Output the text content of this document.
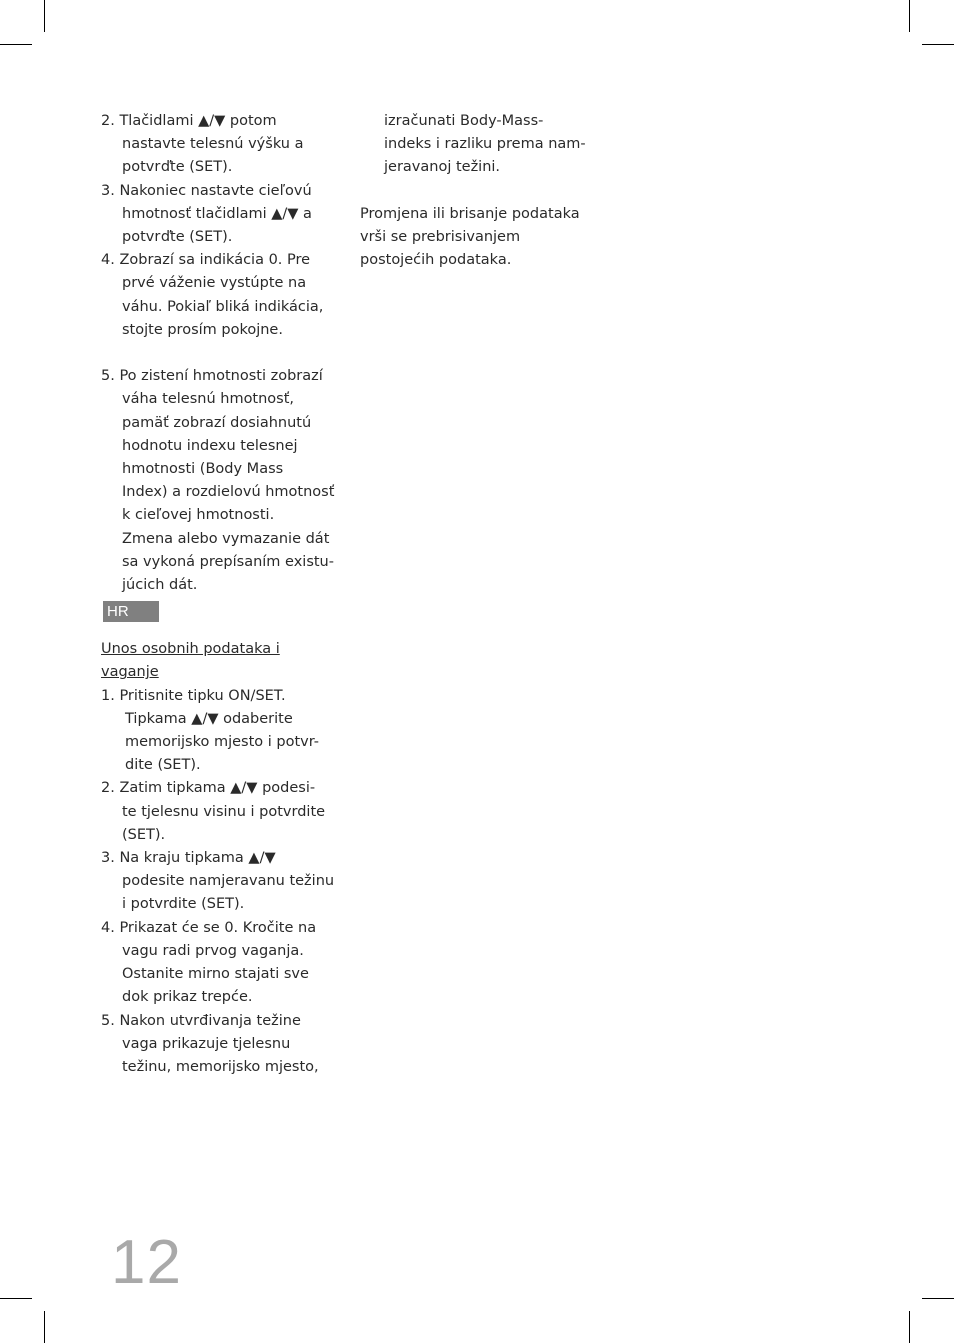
2. Tlačidlami ▲/▼ potom
nastavte telesnú výšku a
potvrďte (SET).
3. Nakoniec nastavte cieľovú
hmotnosť tlačidlami ▲/▼ a
potvrďte (SET).
4. Zobrazí sa indikácia 0. Pre
prvé váženie vystúpte na
váhu. Pokiaľ bliká indikácia,
stojte prosím pokojne.
5. Po zistení hmotnosti zobrazí
váha telesnú hmotnosť,
pamäť zobrazí dosiahnutú
hodnotu indexu telesnej
hmotnosti (Body Mass
Index) a rozdielovú hmotnosť
k cieľovej hmotnosti.
Zmena alebo vymazanie dát
sa vykoná prepísaním existu-
júcich dát.
HR
Unos osobnih podataka i
vaganje
1. Pritisnite tipku ON/SET.
Tipkama ▲/▼ odaberite
memorijsko mjesto i potvr-
dite (SET).
2. Zatim tipkama ▲/▼ podesi-
te tjelesnu visinu i potvrdite
(SET).
3. Na kraju tipkama ▲/▼
podesite namjeravanu težinu
i potvrdite (SET).
4. Prikazat će se 0. Kročite na
vagu radi prvog vaganja.
Ostanite mirno stajati sve
dok prikaz trepće.
5. Nakon utvrđivanja težine
vaga prikazuje tjelesnu
težinu, memorijsko mjesto,
izračunati Body-Mass-
indeks i razliku prema nam-
jeravanoj težini.
Promjena ili brisanje podataka
vrši se prebrisivanjem
postojećih podataka.
12
